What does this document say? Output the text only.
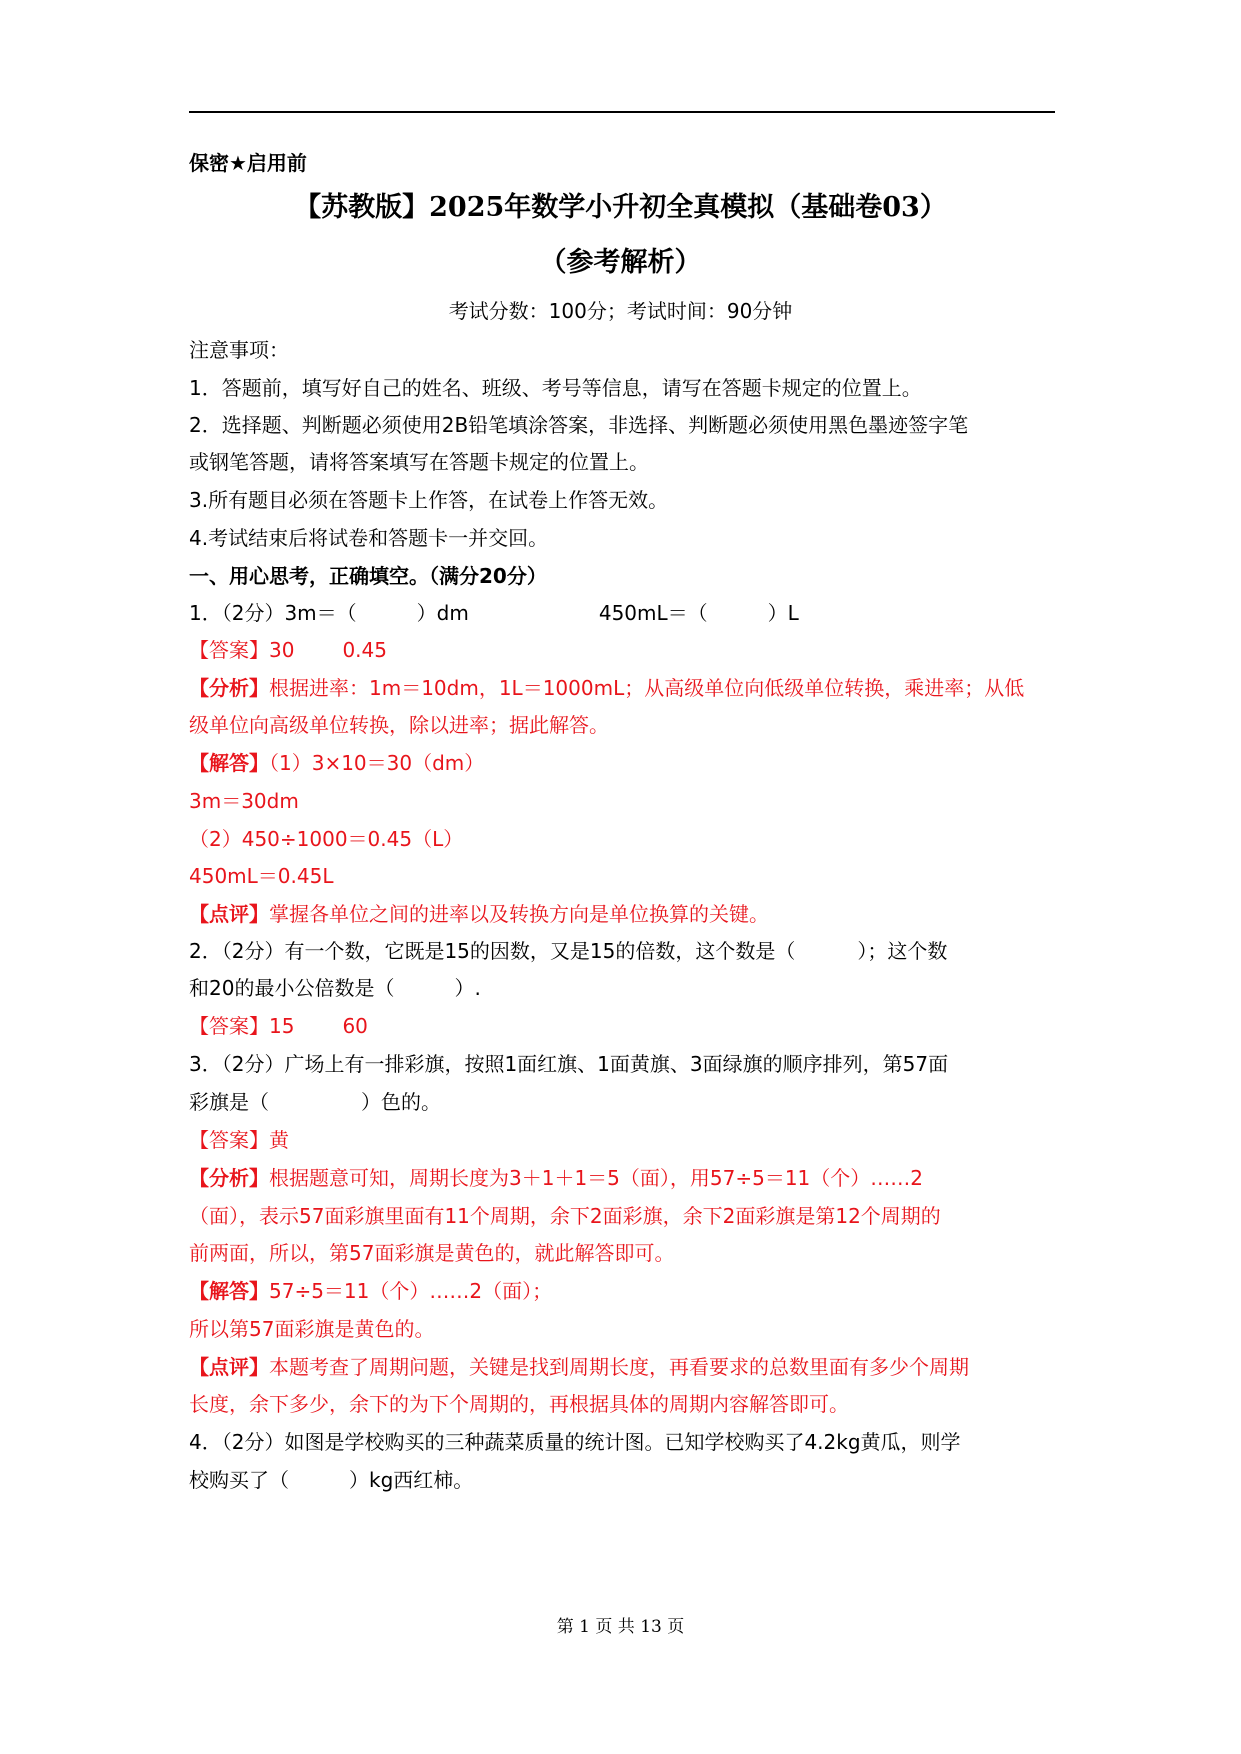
保密★启用前
【苏教版】2025年数学小升初全真模拟（基础卷03）
（参考解析）
考试分数：100分；考试时间：90分钟
注意事项：
1．答题前，填写好自己的姓名、班级、考号等信息，请写在答题卡规定的位置上。
2．选择题、判断题必须使用2B铅笔填涂答案，非选择、判断题必须使用黑色墨迹签字笔
或钢笔答题，请将答案填写在答题卡规定的位置上。
3.所有题目必须在答题卡上作答，在试卷上作答无效。
4.考试结束后将试卷和答题卡一并交回。
一、用心思考，正确填空。（满分20分）
1．（2分）3m＝（	）dm	450mL＝（	）L
【答案】30 0.45
【分析】根据进率：1m＝10dm，1L＝1000mL；从高级单位向低级单位转换，乘进率；从低
级单位向高级单位转换，除以进率；据此解答。
【解答】（1）3×10＝30（dm）
3m＝30dm
（2）450÷1000＝0.45（L）
450mL＝0.45L
【点评】掌握各单位之间的进率以及转换方向是单位换算的关键。
2．（2分）有一个数，它既是15的因数，又是15的倍数，这个数是（	）；这个数
和20的最小公倍数是（	）.
【答案】15 60
3．（2分）广场上有一排彩旗，按照1面红旗、1面黄旗、3面绿旗的顺序排列，第57面
彩旗是（	）色的。
【答案】黄
【分析】根据题意可知，周期长度为3＋1＋1＝5（面），用57÷5＝11（个）……2
（面），表示57面彩旗里面有11个周期，余下2面彩旗，余下2面彩旗是第12个周期的
前两面，所以，第57面彩旗是黄色的，就此解答即可。
【解答】57÷5＝11（个）……2（面）；
所以第57面彩旗是黄色的。
【点评】本题考查了周期问题，关键是找到周期长度，再看要求的总数里面有多少个周期
长度，余下多少，余下的为下个周期的，再根据具体的周期内容解答即可。
4．（2分）如图是学校购买的三种蔬菜质量的统计图。已知学校购买了4.2kg黄瓜，则学
校购买了（	）kg西红柿。
第 1 页 共 13 页
